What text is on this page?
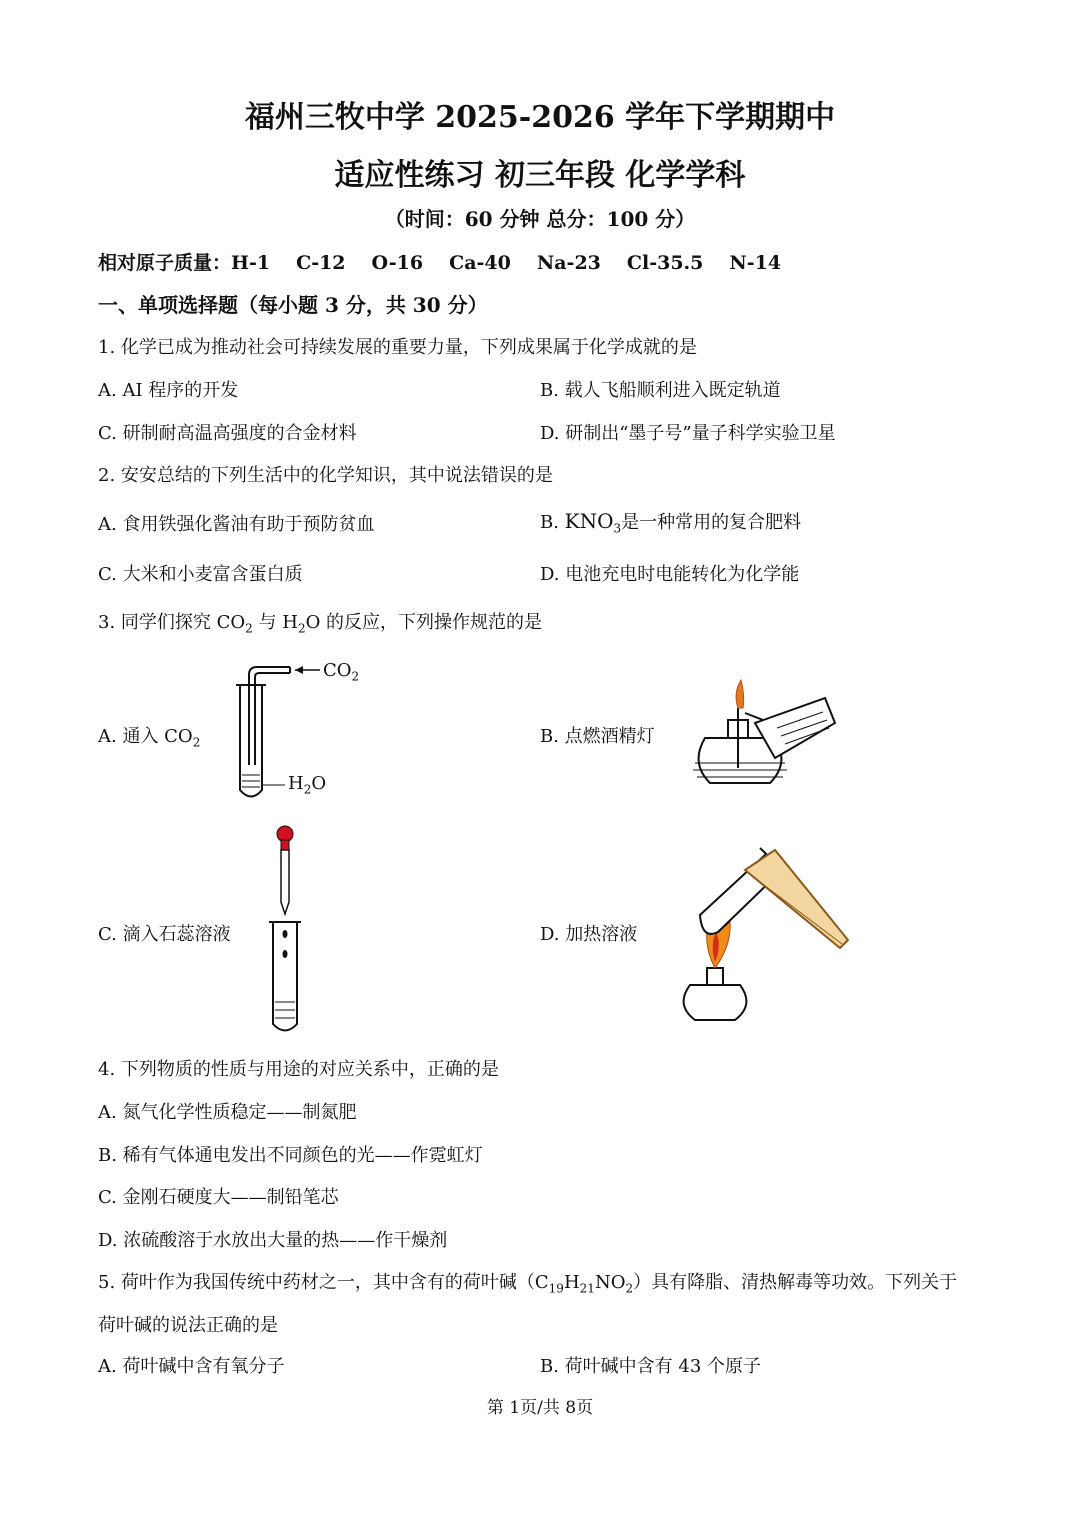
福州三牧中学 2025-2026 学年下学期期中
适应性练习 初三年段 化学学科
（时间：60 分钟 总分：100 分）
相对原子质量：H-1 C-12 O-16 Ca-40 Na-23 Cl-35.5 N-14
一、单项选择题（每小题 3 分，共 30 分）
1. 化学已成为推动社会可持续发展的重要力量，下列成果属于化学成就的是
A. AI 程序的开发	B. 载人飞船顺利进入既定轨道
C. 研制耐高温高强度的合金材料	D. 研制出“墨子号”量子科学实验卫星
2. 安安总结的下列生活中的化学知识，其中说法错误的是
A. 食用铁强化酱油有助于预防贫血	B. $KNO_3$是一种常用的复合肥料
C. 大米和小麦富含蛋白质	D. 电池充电时电能转化为化学能
3. 同学们探究 $CO_2$ 与 $H_2O$ 的反应，下列操作规范的是
A. 通入 $CO_2$	B. 点燃酒精灯
C. 滴入石蕊溶液	D. 加热溶液
$CO_2$
$H_2O$
4. 下列物质的性质与用途的对应关系中，正确的是
A. 氮气化学性质稳定——制氮肥
B. 稀有气体通电发出不同颜色的光——作霓虹灯
C. 金刚石硬度大——制铅笔芯
D. 浓硫酸溶于水放出大量的热——作干燥剂
5. 荷叶作为我国传统中药材之一，其中含有的荷叶碱$(C_{19}H_{21}NO_2)$具有降脂、清热解毒等功效。下列关于
荷叶碱的说法正确的是
A. 荷叶碱中含有氧分子	B. 荷叶碱中含有 43 个原子
第 1页/共 8页
